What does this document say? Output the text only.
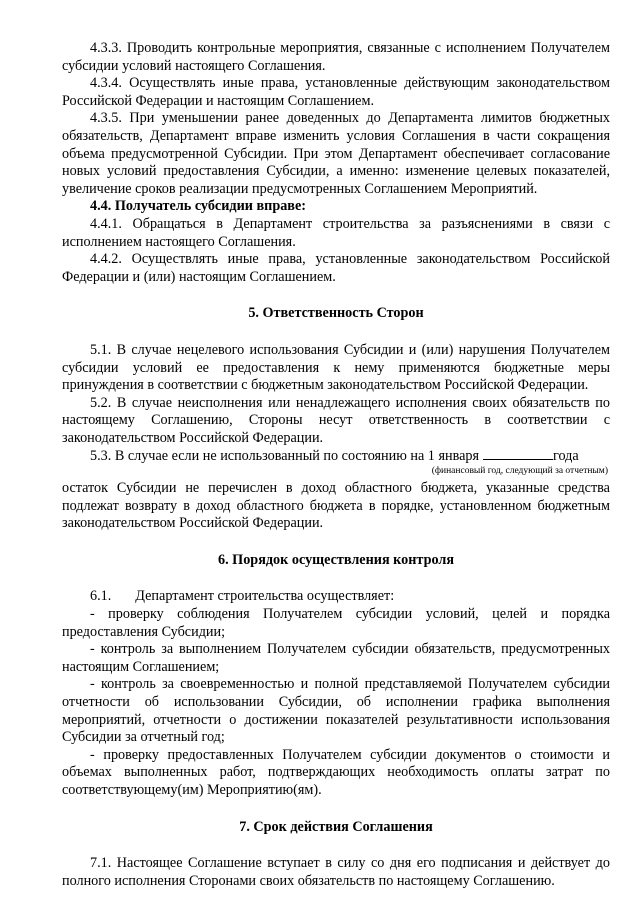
4.3.3. Проводить контрольные мероприятия, связанные с исполнением Получателем субсидии условий настоящего Соглашения.

4.3.4. Осуществлять иные права, установленные действующим законодательством Российской Федерации и настоящим Соглашением.

4.3.5. При уменьшении ранее доведенных до Департамента лимитов бюджетных обязательств, Департамент вправе изменить условия Соглашения в части сокращения объема предусмотренной Субсидии. При этом Департамент обеспечивает согласование новых условий предоставления Субсидии, а именно: изменение целевых показателей, увеличение сроков реализации предусмотренных Соглашением Мероприятий.

4.4. Получатель субсидии вправе:

4.4.1. Обращаться в Департамент строительства за разъяснениями в связи с исполнением настоящего Соглашения.

4.4.2. Осуществлять иные права, установленные законодательством Российской Федерации и (или) настоящим Соглашением.

5. Ответственность Сторон

5.1. В случае нецелевого использования Субсидии и (или) нарушения Получателем субсидии условий ее предоставления к нему применяются бюджетные меры принуждения в соответствии с бюджетным законодательством Российской Федерации.

5.2. В случае неисполнения или ненадлежащего исполнения своих обязательств по настоящему Соглашению, Стороны несут ответственность в соответствии с законодательством Российской Федерации.

5.3. В случае если не использованный по состоянию на 1 января	года

(финансовый год, следующий за отчетным)

остаток Субсидии не перечислен в доход областного бюджета, указанные средства подлежат возврату в доход областного бюджета в порядке, установленном бюджетным законодательством Российской Федерации.

6. Порядок осуществления контроля

6.1. Департамент строительства осуществляет:

- проверку соблюдения Получателем субсидии условий, целей и порядка предоставления Субсидии;

- контроль за выполнением Получателем субсидии обязательств, предусмотренных настоящим Соглашением;

- контроль за своевременностью и полной представляемой Получателем субсидии отчетности об использовании Субсидии, об исполнении графика выполнения мероприятий, отчетности о достижении показателей результативности использования Субсидии за отчетный год;

- проверку предоставленных Получателем субсидии документов о стоимости и объемах выполненных работ, подтверждающих необходимость оплаты затрат по соответствующему(им) Мероприятию(ям).

7. Срок действия Соглашения

7.1. Настоящее Соглашение вступает в силу со дня его подписания и действует до полного исполнения Сторонами своих обязательств по настоящему Соглашению.
